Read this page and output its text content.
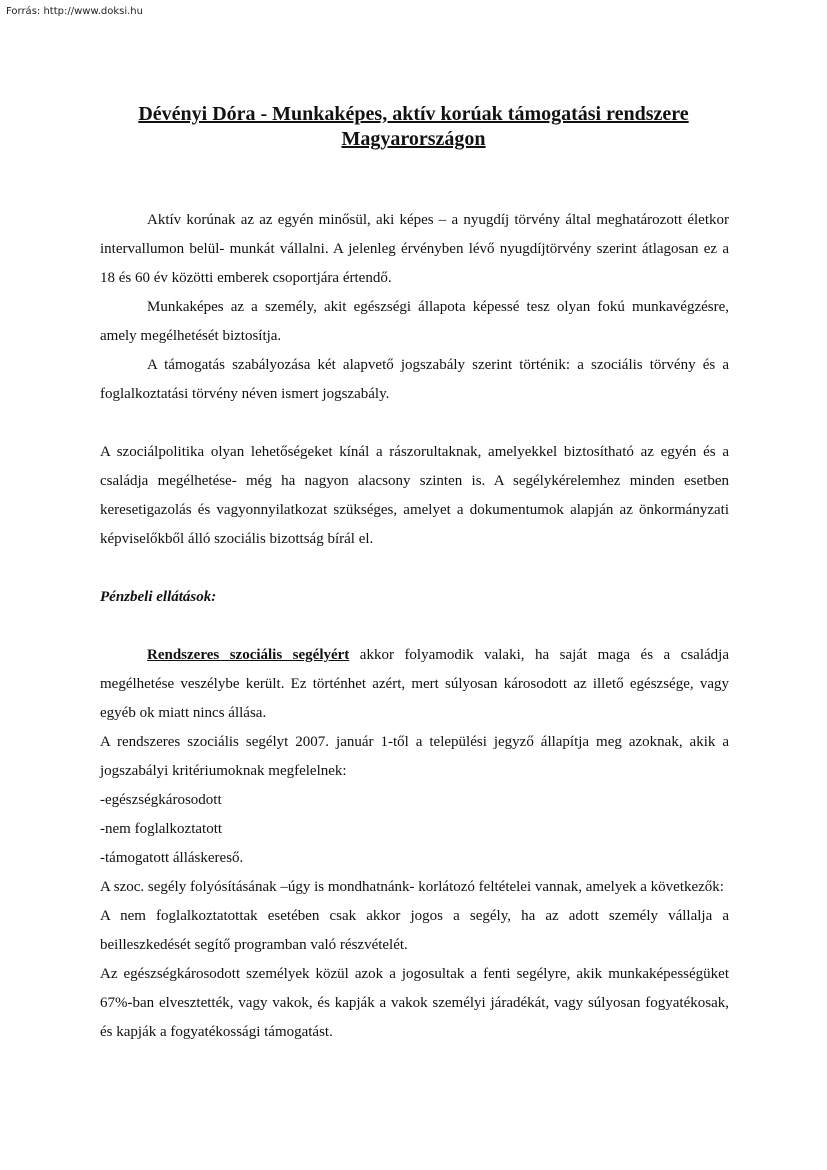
Forrás: http://www.doksi.hu
Dévényi Dóra - Munkaképes, aktív korúak támogatási rendszere
Magyarországon

Aktív korúnak az az egyén minősül, aki képes – a nyugdíj törvény által meghatározott életkor intervallumon belül- munkát vállalni. A jelenleg érvényben lévő nyugdíjtörvény szerint átlagosan ez a 18 és 60 év közötti emberek csoportjára értendő.

Munkaképes az a személy, akit egészségi állapota képessé tesz olyan fokú munkavégzésre, amely megélhetését biztosítja.

A támogatás szabályozása két alapvető jogszabály szerint történik: a szociális törvény és a foglalkoztatási törvény néven ismert jogszabály.

A szociálpolitika olyan lehetőségeket kínál a rászorultaknak, amelyekkel biztosítható az egyén és a családja megélhetése- még ha nagyon alacsony szinten is. A segélykérelemhez minden esetben keresetigazolás és vagyonnyilatkozat szükséges, amelyet a dokumentumok alapján az önkormányzati képviselőkből álló szociális bizottság bírál el.

Pénzbeli ellátások:

Rendszeres szociális segélyért akkor folyamodik valaki, ha saját maga és a családja megélhetése veszélybe került. Ez történhet azért, mert súlyosan károsodott az illető egészsége, vagy egyéb ok miatt nincs állása.

A rendszeres szociális segélyt 2007. január 1-től a települési jegyző állapítja meg azoknak, akik a jogszabályi kritériumoknak megfelelnek:

-egészségkárosodott

-nem foglalkoztatott

-támogatott álláskereső.

A szoc. segély folyósításának –úgy is mondhatnánk- korlátozó feltételei vannak, amelyek a következők:

A nem foglalkoztatottak esetében csak akkor jogos a segély, ha az adott személy vállalja a beilleszkedését segítő programban való részvételét.

Az egészségkárosodott személyek közül azok a jogosultak a fenti segélyre, akik munkaképességüket 67%-ban elvesztették, vagy vakok, és kapják a vakok személyi járadékát, vagy súlyosan fogyatékosak, és kapják a fogyatékossági támogatást.
